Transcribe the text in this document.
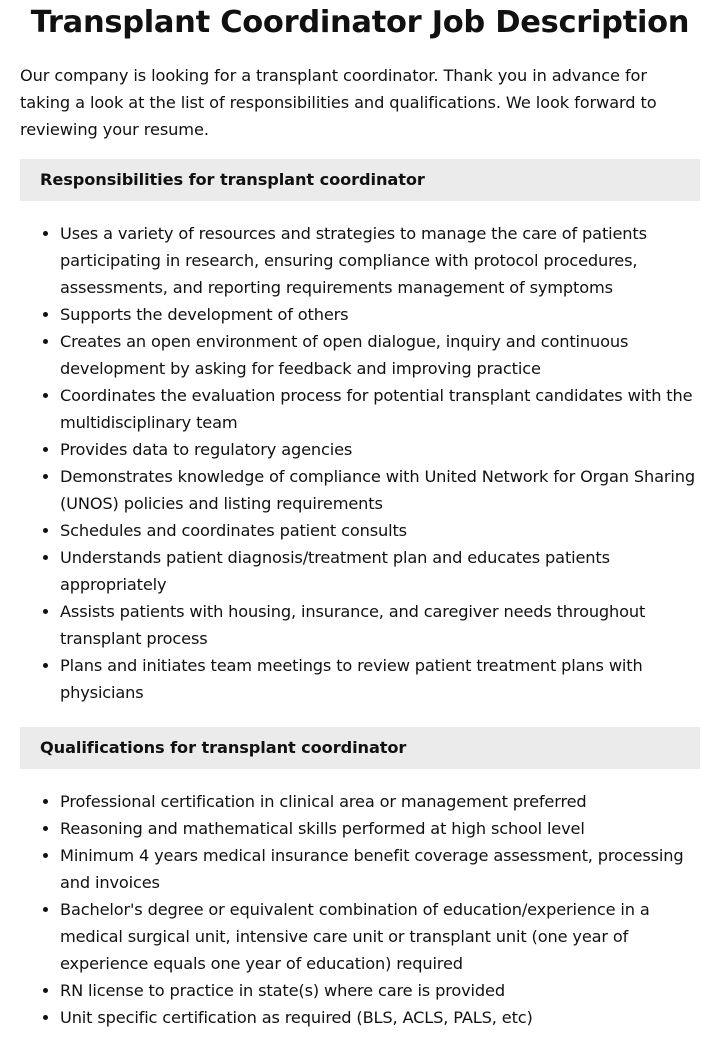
Transplant Coordinator Job Description

Our company is looking for a transplant coordinator. Thank you in advance for taking a look at the list of responsibilities and qualifications. We look forward to reviewing your resume.

Responsibilities for transplant coordinator
• Uses a variety of resources and strategies to manage the care of patients participating in research, ensuring compliance with protocol procedures, assessments, and reporting requirements management of symptoms
• Supports the development of others
• Creates an open environment of open dialogue, inquiry and continuous development by asking for feedback and improving practice
• Coordinates the evaluation process for potential transplant candidates with the multidisciplinary team
• Provides data to regulatory agencies
• Demonstrates knowledge of compliance with United Network for Organ Sharing (UNOS) policies and listing requirements
• Schedules and coordinates patient consults
• Understands patient diagnosis/treatment plan and educates patients appropriately
• Assists patients with housing, insurance, and caregiver needs throughout transplant process
• Plans and initiates team meetings to review patient treatment plans with physicians
Qualifications for transplant coordinator
• Professional certification in clinical area or management preferred
• Reasoning and mathematical skills performed at high school level
• Minimum 4 years medical insurance benefit coverage assessment, processing and invoices
• Bachelor's degree or equivalent combination of education/experience in a medical surgical unit, intensive care unit or transplant unit (one year of experience equals one year of education) required
• RN license to practice in state(s) where care is provided
• Unit specific certification as required (BLS, ACLS, PALS, etc)
